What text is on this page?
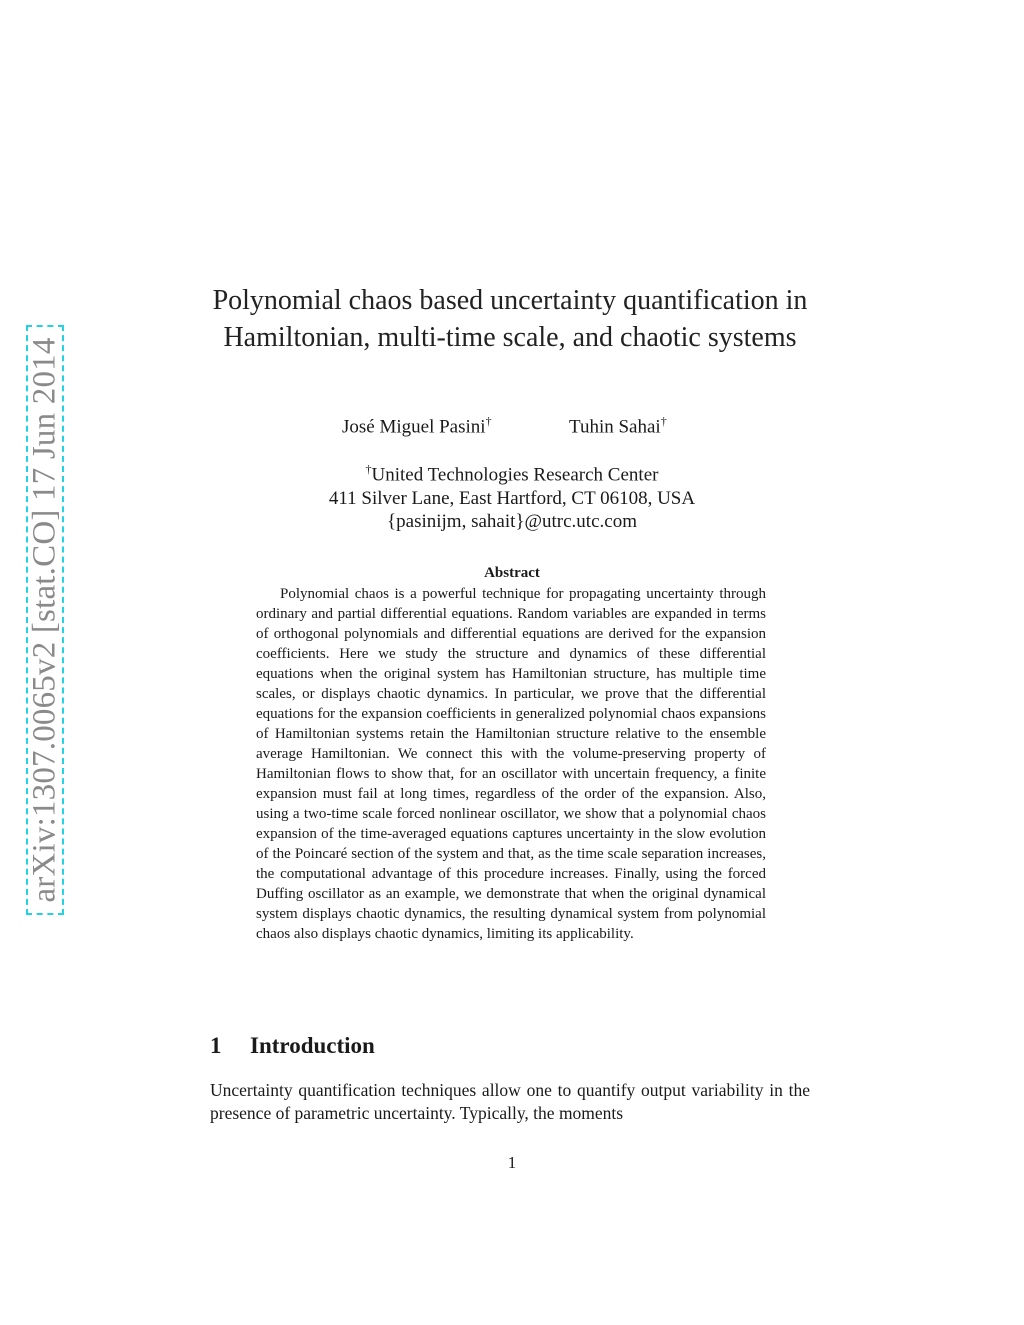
arXiv:1307.0065v2 [stat.CO] 17 Jun 2014
Polynomial chaos based uncertainty quantification in Hamiltonian, multi-time scale, and chaotic systems
José Miguel Pasini†	Tuhin Sahai†
†United Technologies Research Center
411 Silver Lane, East Hartford, CT 06108, USA
{pasinijm, sahait}@utrc.utc.com
Abstract

Polynomial chaos is a powerful technique for propagating uncertainty through ordinary and partial differential equations. Random variables are expanded in terms of orthogonal polynomials and differential equations are derived for the expansion coefficients. Here we study the structure and dynamics of these differential equations when the original system has Hamiltonian structure, has multiple time scales, or displays chaotic dynamics. In particular, we prove that the differential equations for the expansion coefficients in generalized polynomial chaos expansions of Hamiltonian systems retain the Hamiltonian structure relative to the ensemble average Hamiltonian. We connect this with the volume-preserving property of Hamiltonian flows to show that, for an oscillator with uncertain frequency, a finite expansion must fail at long times, regardless of the order of the expansion. Also, using a two-time scale forced nonlinear oscillator, we show that a polynomial chaos expansion of the time-averaged equations captures uncertainty in the slow evolution of the Poincaré section of the system and that, as the time scale separation increases, the computational advantage of this procedure increases. Finally, using the forced Duffing oscillator as an example, we demonstrate that when the original dynamical system displays chaotic dynamics, the resulting dynamical system from polynomial chaos also displays chaotic dynamics, limiting its applicability.

1 Introduction

Uncertainty quantification techniques allow one to quantify output variability in the presence of parametric uncertainty. Typically, the moments

1
